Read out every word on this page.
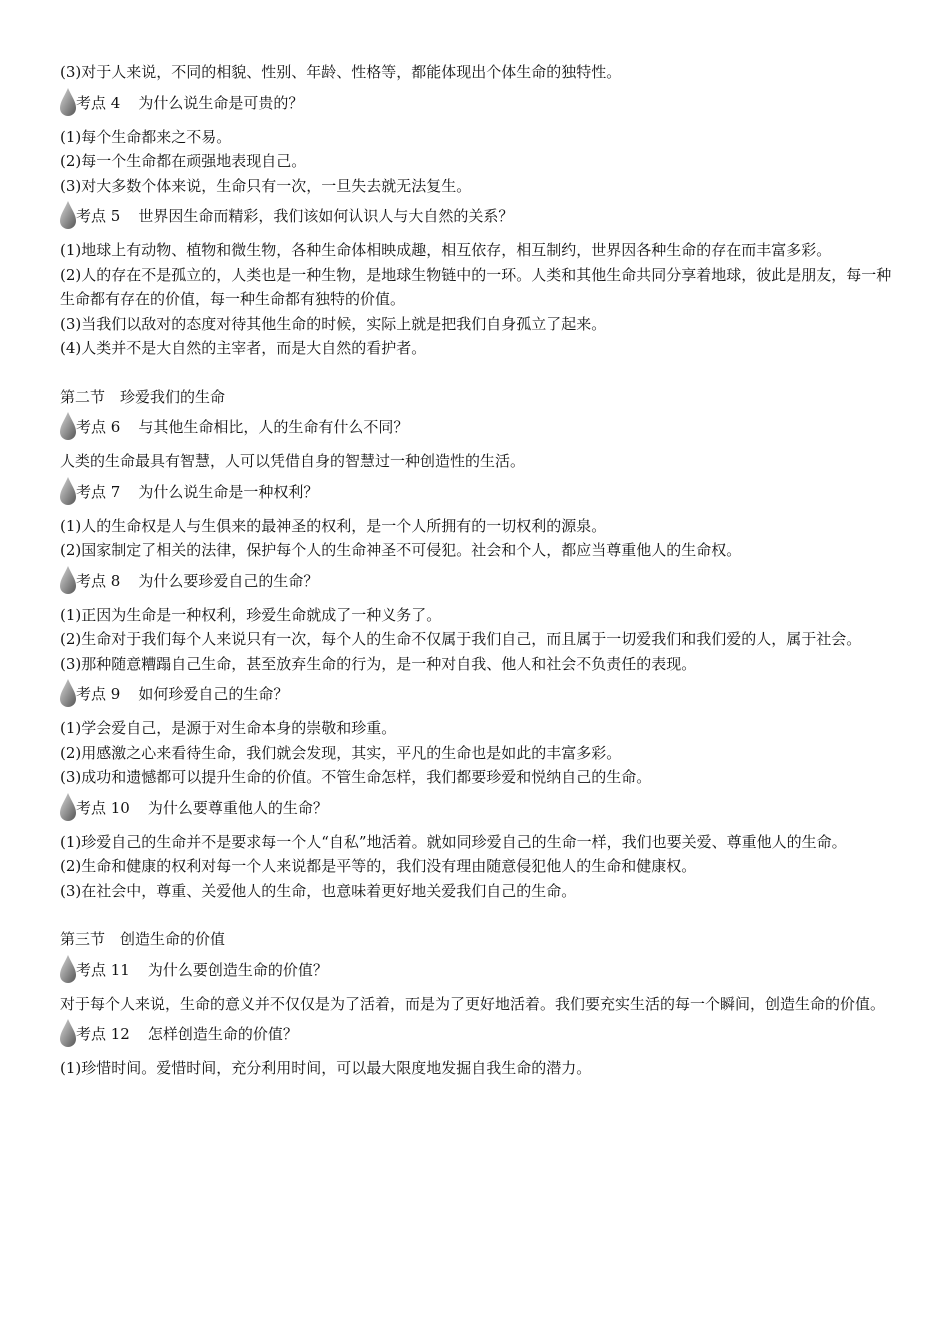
(3)对于人来说，不同的相貌、性别、年龄、性格等，都能体现出个体生命的独特性。

考点 4 为什么说生命是可贵的？

(1)每个生命都来之不易。

(2)每一个生命都在顽强地表现自己。

(3)对大多数个体来说，生命只有一次，一旦失去就无法复生。

考点 5 世界因生命而精彩，我们该如何认识人与大自然的关系？

(1)地球上有动物、植物和微生物，各种生命体相映成趣，相互依存，相互制约，世界因各种生命的存在而丰富多彩。

(2)人的存在不是孤立的，人类也是一种生物，是地球生物链中的一环。人类和其他生命共同分享着地球，彼此是朋友，每一种生命都有存在的价值，每一种生命都有独特的价值。

(3)当我们以敌对的态度对待其他生命的时候，实际上就是把我们自身孤立了起来。

(4)人类并不是大自然的主宰者，而是大自然的看护者。

第二节　珍爱我们的生命

考点 6 与其他生命相比，人的生命有什么不同？

人类的生命最具有智慧，人可以凭借自身的智慧过一种创造性的生活。

考点 7 为什么说生命是一种权利？

(1)人的生命权是人与生俱来的最神圣的权利，是一个人所拥有的一切权利的源泉。

(2)国家制定了相关的法律，保护每个人的生命神圣不可侵犯。社会和个人，都应当尊重他人的生命权。

考点 8 为什么要珍爱自己的生命？

(1)正因为生命是一种权利，珍爱生命就成了一种义务了。

(2)生命对于我们每个人来说只有一次，每个人的生命不仅属于我们自己，而且属于一切爱我们和我们爱的人，属于社会。

(3)那种随意糟蹋自己生命，甚至放弃生命的行为，是一种对自我、他人和社会不负责任的表现。

考点 9 如何珍爱自己的生命？

(1)学会爱自己，是源于对生命本身的崇敬和珍重。

(2)用感激之心来看待生命，我们就会发现，其实，平凡的生命也是如此的丰富多彩。

(3)成功和遗憾都可以提升生命的价值。不管生命怎样，我们都要珍爱和悦纳自己的生命。

考点 10 为什么要尊重他人的生命？

(1)珍爱自己的生命并不是要求每一个人“自私”地活着。就如同珍爱自己的生命一样，我们也要关爱、尊重他人的生命。

(2)生命和健康的权利对每一个人来说都是平等的，我们没有理由随意侵犯他人的生命和健康权。

(3)在社会中，尊重、关爱他人的生命，也意味着更好地关爱我们自己的生命。

第三节　创造生命的价值

考点 11 为什么要创造生命的价值？

对于每个人来说，生命的意义并不仅仅是为了活着，而是为了更好地活着。我们要充实生活的每一个瞬间，创造生命的价值。

考点 12 怎样创造生命的价值？

(1)珍惜时间。爱惜时间，充分利用时间，可以最大限度地发掘自我生命的潜力。
